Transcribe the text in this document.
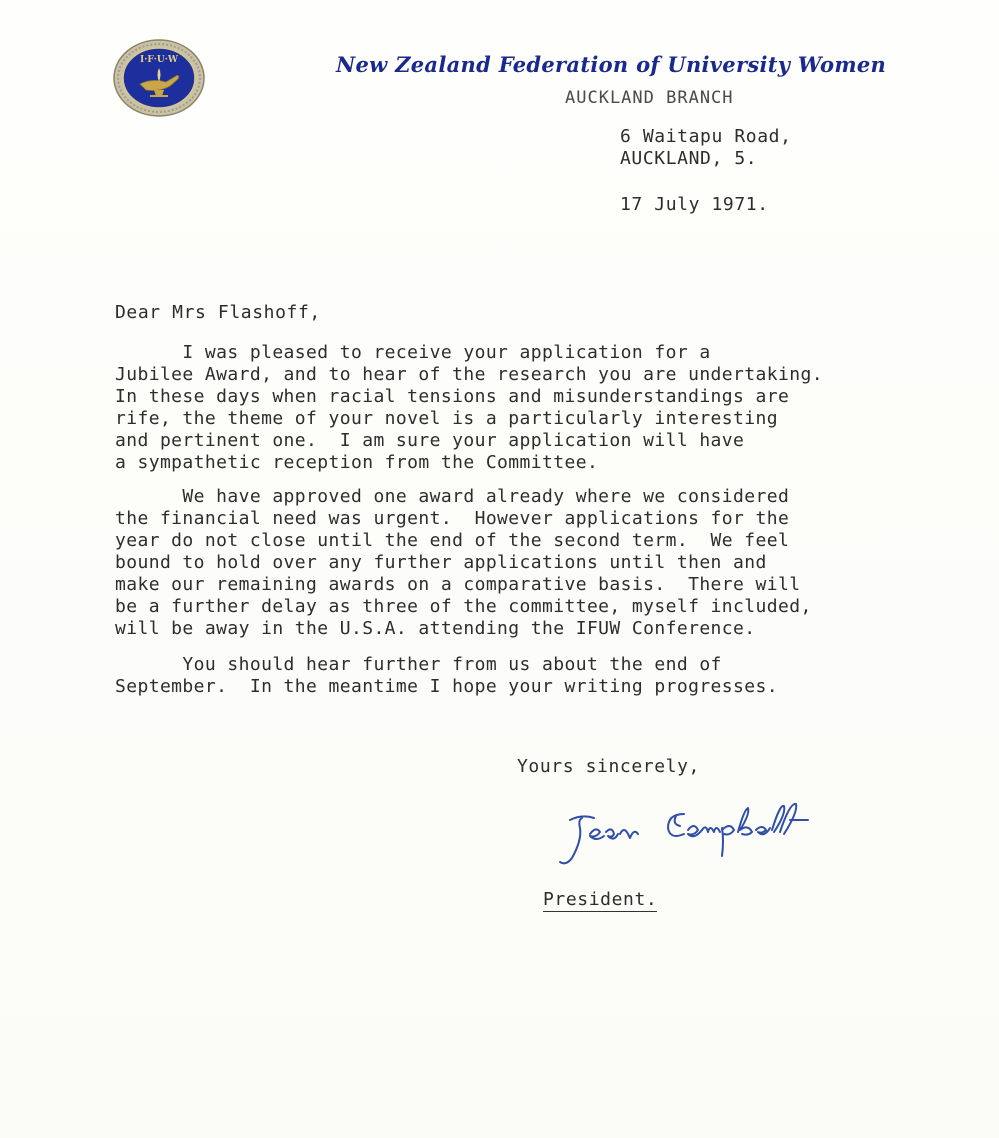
I·F·U·W	New Zealand Federation of University Women
AUCKLAND BRANCH
6 Waitapu Road,
AUCKLAND, 5.
17 July 1971.
Dear Mrs Flashoff,
I was pleased to receive your application for a
Jubilee Award, and to hear of the research you are undertaking.
In these days when racial tensions and misunderstandings are
rife, the theme of your novel is a particularly interesting
and pertinent one.  I am sure your application will have
a sympathetic reception from the Committee.
We have approved one award already where we considered
the financial need was urgent.  However applications for the
year do not close until the end of the second term.  We feel
bound to hold over any further applications until then and
make our remaining awards on a comparative basis.  There will
be a further delay as three of the committee, myself included,
will be away in the U.S.A. attending the IFUW Conference.
You should hear further from us about the end of
September.  In the meantime I hope your writing progresses.
Yours sincerely,
President.
